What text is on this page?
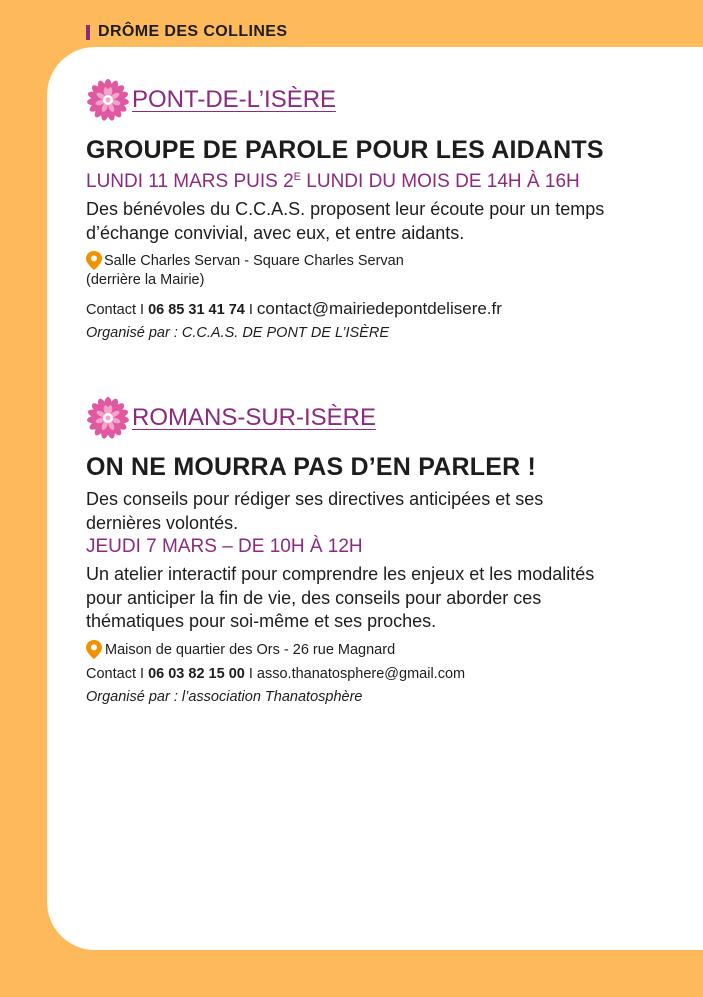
DRÔME DES COLLINES
PONT-DE-L’ISÈRE

GROUPE DE PAROLE POUR LES AIDANTS

LUNDI 11 MARS PUIS $2^E$ LUNDI DU MOIS DE 14H À 16H

Des bénévoles du C.C.A.S. proposent leur écoute pour un temps
d’échange convivial, avec eux, et entre aidants.

Salle Charles Servan - Square Charles Servan
(derrière la Mairie)
Contact I 06 85 31 41 74 I contact@mairiedepontdelisere.fr
Organisé par : C.C.A.S. DE PONT DE L’ISÈRE
ROMANS-SUR-ISÈRE

ON NE MOURRA PAS D’EN PARLER !

Des conseils pour rédiger ses directives anticipées et ses
dernières volontés.

JEUDI 7 MARS – DE 10H À 12H

Un atelier interactif pour comprendre les enjeux et les modalités
pour anticiper la fin de vie, des conseils pour aborder ces
thématiques pour soi-même et ses proches.

Maison de quartier des Ors - 26 rue Magnard
Contact I 06 03 82 15 00 I asso.thanatosphere@gmail.com
Organisé par : l’association Thanatosphère
